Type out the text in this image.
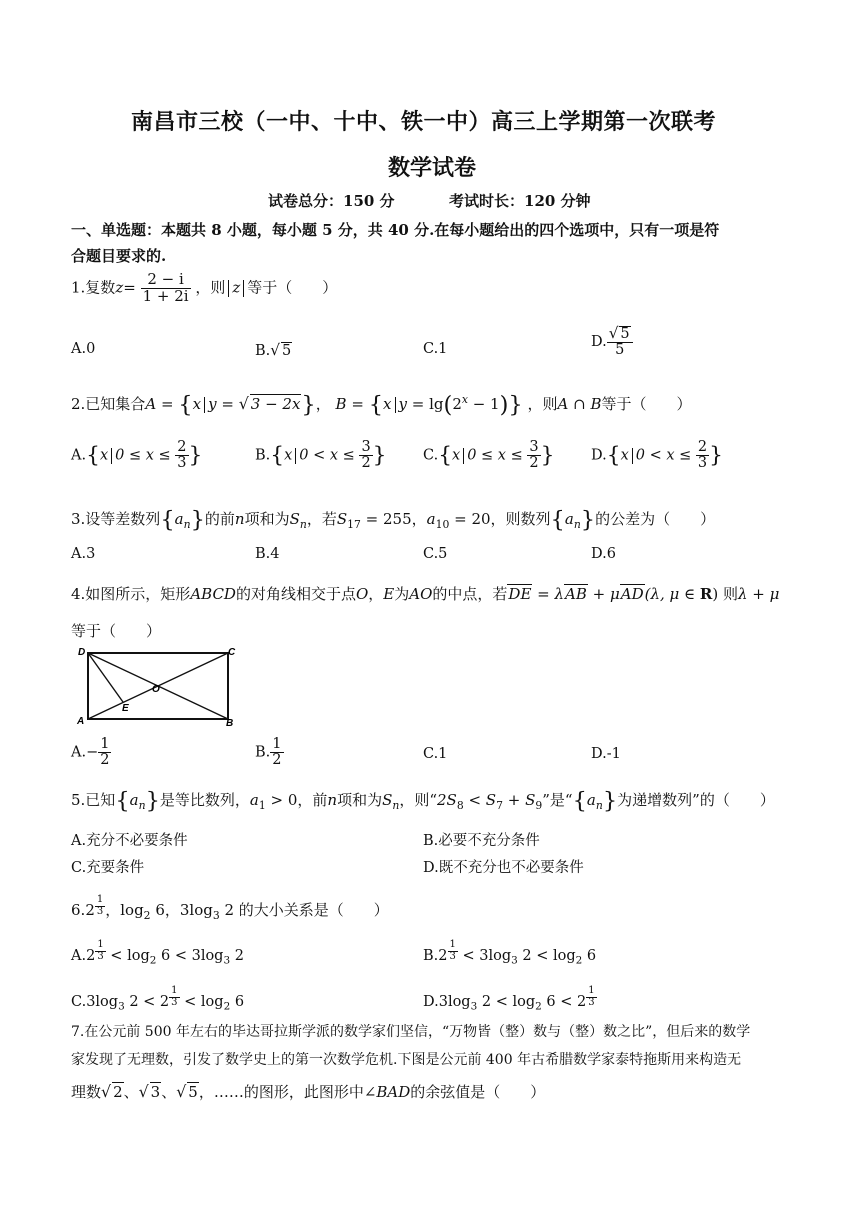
南昌市三校（一中、十中、铁一中）高三上学期第一次联考
数学试卷
试卷总分：150 分	考试时长：120 分钟
一、单选题：本题共 8 小题，每小题 5 分，共 40 分.在每小题给出的四个选项中，只有一项是符
合题目要求的.
1.复数$z= \frac{2 - i}{1 + 2i}$ ，则 z 等于（　　）
A.0	B.√ 5	C.1	D. $\frac{√ 5}{5}$
2.已知集合A = {x y = √ 3 − 2x}， B = {x $y = \lg(2^x - 1)$} ，则A ∩ B等于（　　）
A.{x $0 \le x \le \frac{2}{3}$ }	B.{x $0 < x \le \frac{3}{2}$ }	C.{x $0 \le x \le \frac{3}{2}$ }	D.{x $0 < x \le \frac{2}{3}$ }
3.设等差数列$\{a_n\}$的前n项和为$S_n$，若$S_{17} = 255$，$a_{10} = 20$，则数列$\{a_n\}$的公差为（　　）
A.3	B.4	C.5	D.6
4.如图所示，矩形ABCD的对角线相交于点O，E为AO的中点，若DE = λAB + μAD(λ, μ ∈ R) 则λ + μ
等于（　　）
D	C
O
E
A	B
$A.- \frac{1}{2}$	B. $\frac{1}{2}$	C.1	D.-1
5.已知$\{a_n\}$是等比数列，$a_1 > 0$，前n项和为$S_n$，则“$2S_8 < S_7 + S_9$”是“$\{a_n\}$为递增数列”的（　　）
A.充分不必要条件	B.必要不充分条件
C.充要条件	D.既不充分也不必要条件
6.2 $^{\frac{1}{3}}$ ，$\log_2 6$，$3\log_3$ 2 的大小关系是（　　）
A.2 $^{\frac{1}{3}} < \log_2 6 < 3\log_3$ 2	B.2 $^{\frac{1}{3}} < 3\log_3$ $2 < \log_2 6$
$C.3\log_3$ 2 < 2 $^{\frac{1}{3}} < \log_2 6$	$D.3\log_3$ $2 < \log_2 6 < 2$ $^{\frac{1}{3}}$
7.在公元前 500 年左右的毕达哥拉斯学派的数学家们坚信，“万物皆（整）数与（整）数之比”，但后来的数学
家发现了无理数，引发了数学史上的第一次数学危机.下图是公元前 400 年古希腊数学家泰特拖斯用来构造无
理数√ 2、√ 3、√ 5，……的图形，此图形中∠BAD的余弦值是（　　）
